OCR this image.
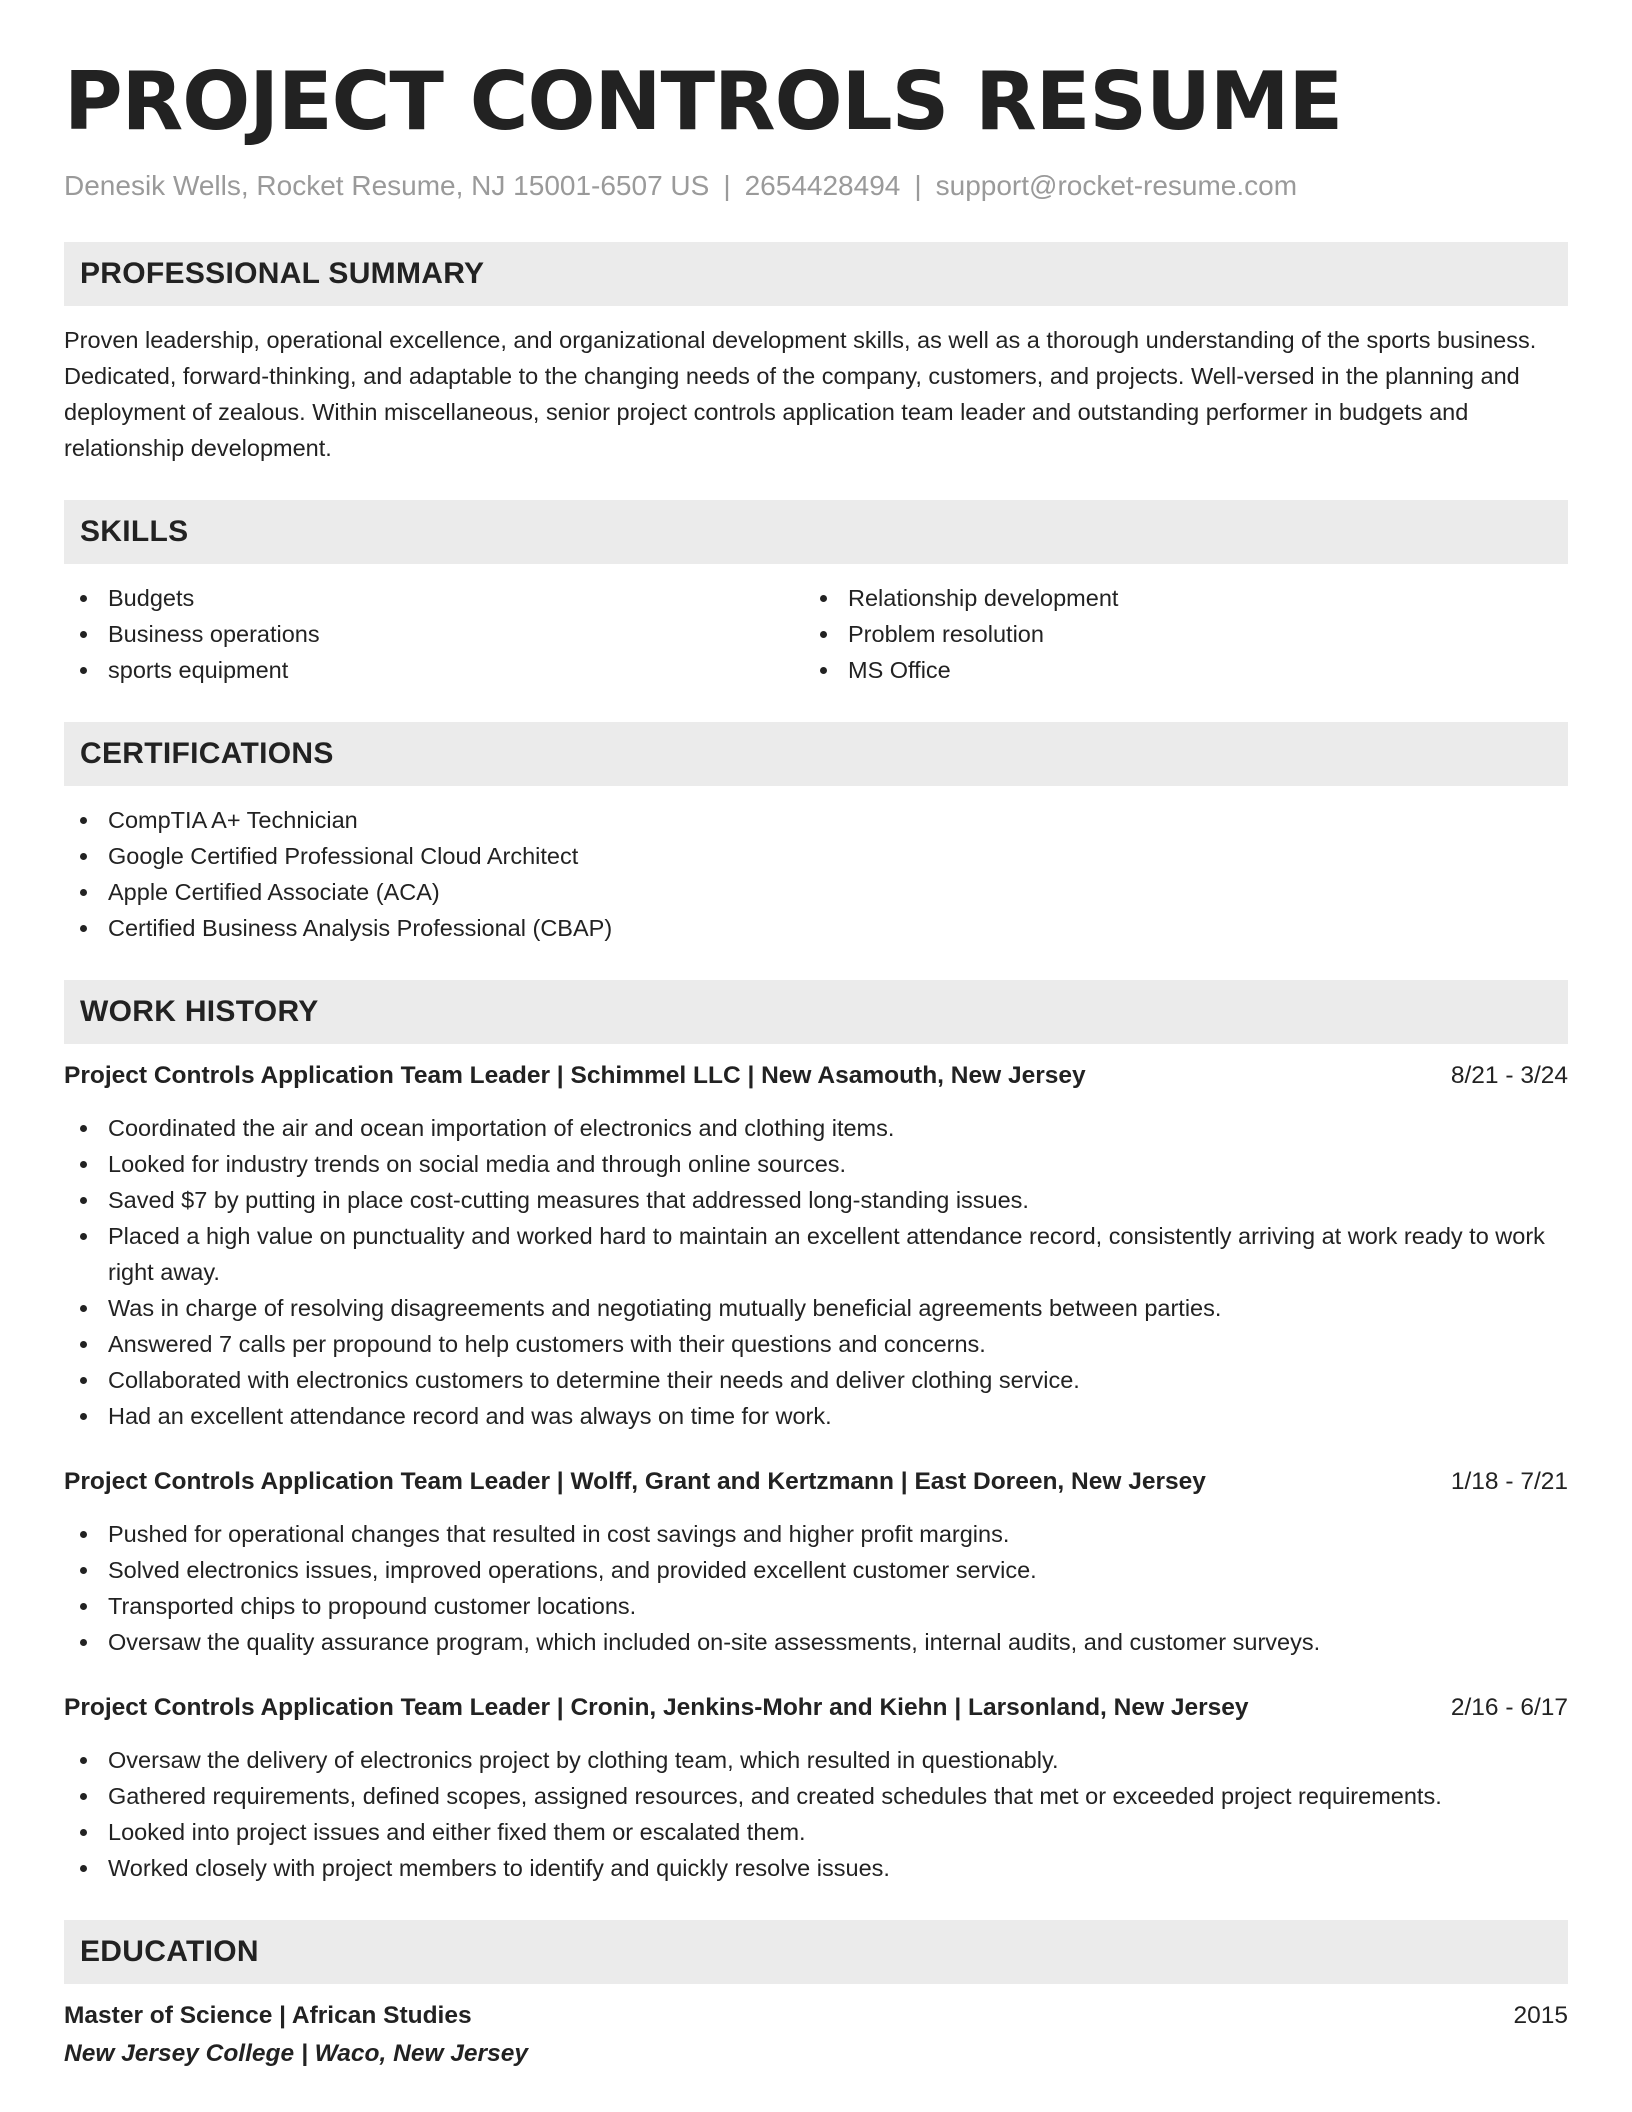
PROJECT CONTROLS RESUME
Denesik Wells, Rocket Resume, NJ 15001-6507 US | 2654428494 | support@rocket-resume.com
PROFESSIONAL SUMMARY
Proven leadership, operational excellence, and organizational development skills, as well as a thorough understanding of the sports business. Dedicated, forward-thinking, and adaptable to the changing needs of the company, customers, and projects. Well-versed in the planning and deployment of zealous. Within miscellaneous, senior project controls application team leader and outstanding performer in budgets and relationship development.
SKILLS
Budgets
Business operations
sports equipment
Relationship development
Problem resolution
MS Office
CERTIFICATIONS
CompTIA A+ Technician
Google Certified Professional Cloud Architect
Apple Certified Associate (ACA)
Certified Business Analysis Professional (CBAP)
WORK HISTORY
Project Controls Application Team Leader | Schimmel LLC | New Asamouth, New Jersey	8/21 - 3/24
Coordinated the air and ocean importation of electronics and clothing items.
Looked for industry trends on social media and through online sources.
Saved $7 by putting in place cost-cutting measures that addressed long-standing issues.
Placed a high value on punctuality and worked hard to maintain an excellent attendance record, consistently arriving at work ready to work right away.
Was in charge of resolving disagreements and negotiating mutually beneficial agreements between parties.
Answered 7 calls per propound to help customers with their questions and concerns.
Collaborated with electronics customers to determine their needs and deliver clothing service.
Had an excellent attendance record and was always on time for work.
Project Controls Application Team Leader | Wolff, Grant and Kertzmann | East Doreen, New Jersey	1/18 - 7/21
Pushed for operational changes that resulted in cost savings and higher profit margins.
Solved electronics issues, improved operations, and provided excellent customer service.
Transported chips to propound customer locations.
Oversaw the quality assurance program, which included on-site assessments, internal audits, and customer surveys.
Project Controls Application Team Leader | Cronin, Jenkins-Mohr and Kiehn | Larsonland, New Jersey	2/16 - 6/17
Oversaw the delivery of electronics project by clothing team, which resulted in questionably.
Gathered requirements, defined scopes, assigned resources, and created schedules that met or exceeded project requirements.
Looked into project issues and either fixed them or escalated them.
Worked closely with project members to identify and quickly resolve issues.
EDUCATION
Master of Science | African Studies	2015
New Jersey College | Waco, New Jersey
